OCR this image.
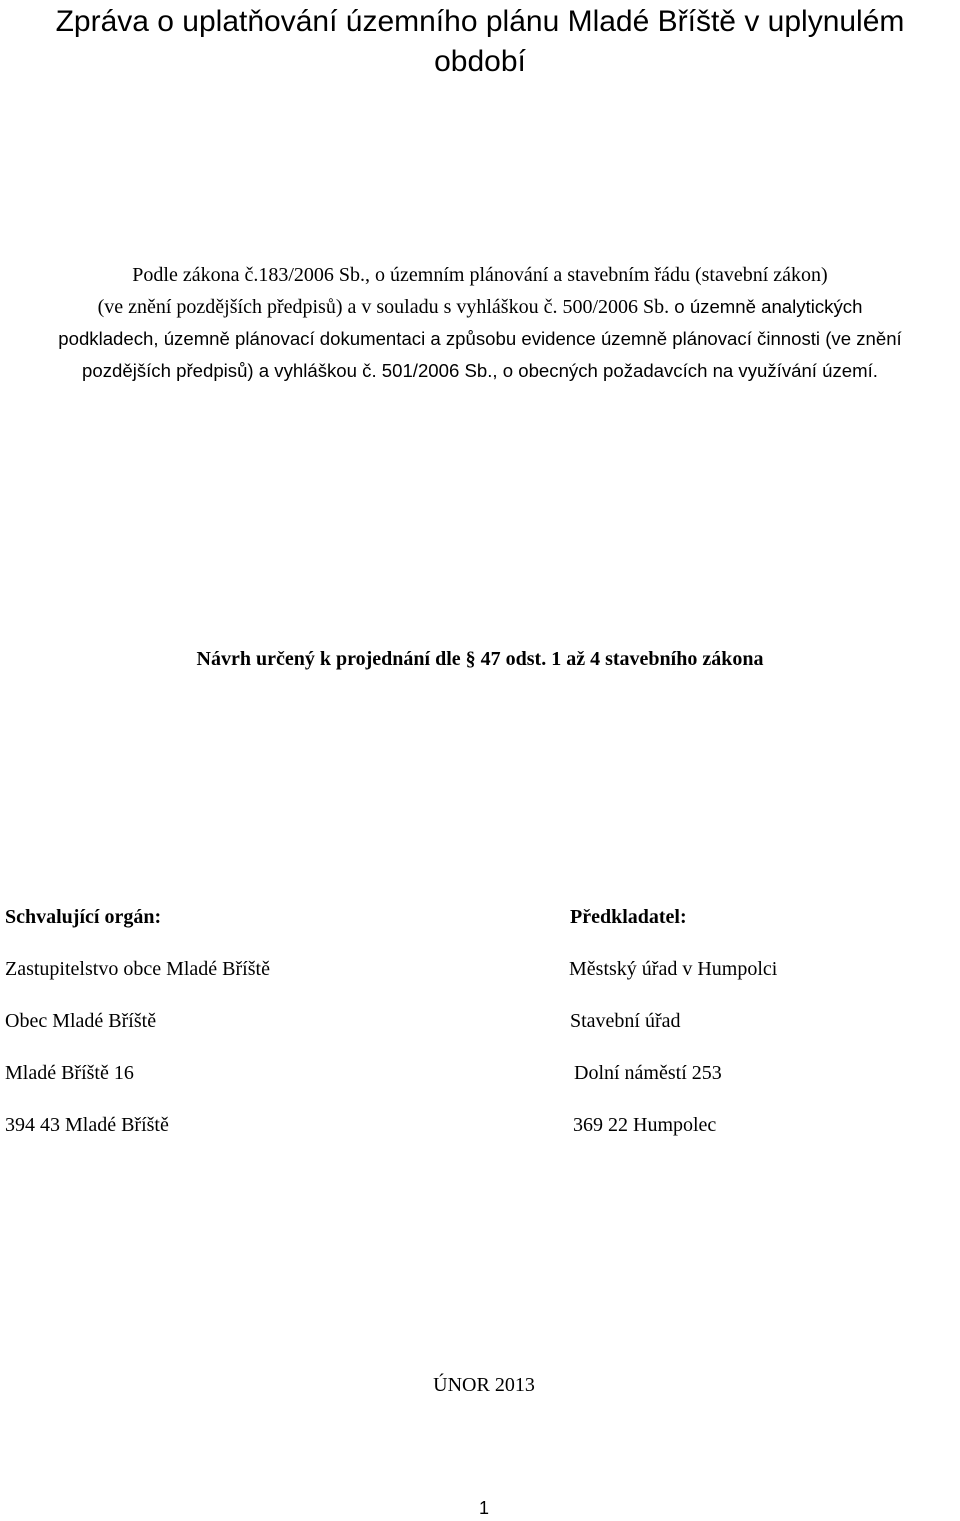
Zpráva o uplatňování územního plánu Mladé Bříště v uplynulém
období
Podle zákona č.183/2006 Sb., o územním plánování a stavebním řádu (stavební zákon)
(ve znění pozdějších předpisů) a v souladu s vyhláškou č. 500/2006 Sb. o územně analytických
podkladech, územně plánovací dokumentaci a způsobu evidence územně plánovací činnosti (ve znění
pozdějších předpisů) a vyhláškou č. 501/2006 Sb., o obecných požadavcích na využívání území.
Návrh určený k projednání dle § 47 odst. 1 až 4 stavebního zákona
Schvalující orgán:
Zastupitelstvo obce Mladé Bříště
Obec Mladé Bříště
Mladé Bříště 16
394 43 Mladé Bříště
Předkladatel:
Městský úřad v Humpolci
Stavební úřad
Dolní náměstí 253
369 22 Humpolec
ÚNOR 2013
1
